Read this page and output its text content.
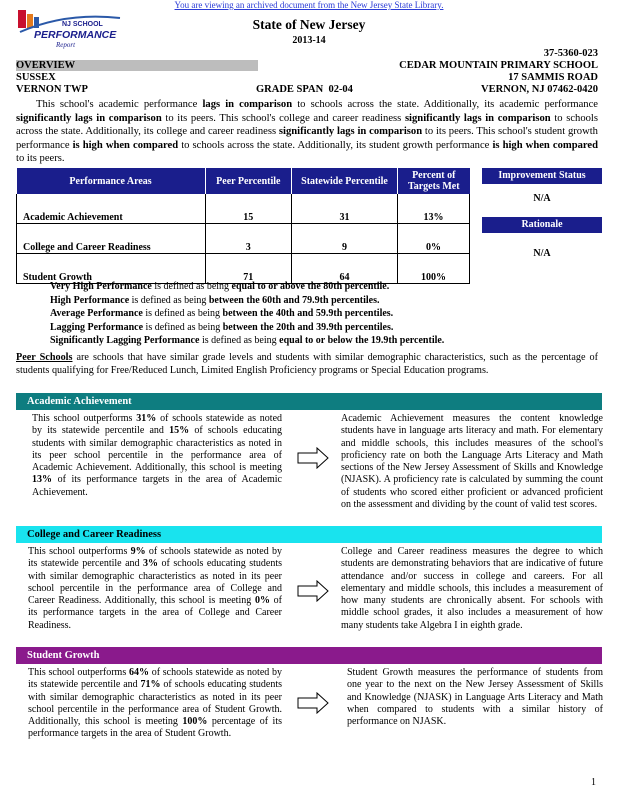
You are viewing an archived document from the New Jersey State Library.
NJ SCHOOL
PERFORMANCE
Report
State of New Jersey
2013-14
37-5360-023
OVERVIEW	CEDAR MOUNTAIN PRIMARY SCHOOL
SUSSEX	17 SAMMIS ROAD
VERNON TWP	GRADE SPAN 02-04	VERNON, NJ 07462-0420
This school's academic performance lags in comparison to schools across the state. Additionally, its academic performance significantly lags in comparison to its peers. This school's college and career readiness significantly lags in comparison to schools across the state. Additionally, its college and career readiness significantly lags in comparison to its peers. This school's student growth performance is high when compared to schools across the state. Additionally, its student growth performance is high when compared to its peers.
Performance Areas	Peer Percentile	Statewide Percentile	Percent of Targets Met
Academic Achievement	15	31	13%
College and Career Readiness	3	9	0%
Student Growth	71	64	100%
Improvement Status
N/A
Rationale
N/A
Very High Performance is defined as being equal to or above the 80th percentile.
High Performance is defined as being between the 60th and 79.9th percentiles.
Average Performance is defined as being between the 40th and 59.9th percentiles.
Lagging Performance is defined as being between the 20th and 39.9th percentiles.
Significantly Lagging Performance is defined as being equal to or below the 19.9th percentile.
Peer Schools are schools that have similar grade levels and students with similar demographic characteristics, such as the percentage of students qualifying for Free/Reduced Lunch, Limited English Proficiency programs or Special Education programs.
Academic Achievement
This school outperforms 31% of schools statewide as noted by its statewide percentile and 15% of schools educating students with similar demographic characteristics as noted in its peer school percentile in the performance area of Academic Achievement. Additionally, this school is meeting 13% of its performance targets in the area of Academic Achievement.
Academic Achievement measures the content knowledge students have in language arts literacy and math. For elementary and middle schools, this includes measures of the school's proficiency rate on both the Language Arts Literacy and Math sections of the New Jersey Assessment of Skills and Knowledge (NJASK). A proficiency rate is calculated by summing the count of students who scored either proficient or advanced proficient on the assessment and dividing by the count of valid test scores.
College and Career Readiness
This school outperforms 9% of schools statewide as noted by its statewide percentile and 3% of schools educating students with similar demographic characteristics as noted in its peer school percentile in the performance area of College and Career Readiness. Additionally, this school is meeting 0% of its performance targets in the area of College and Career Readiness.
College and Career readiness measures the degree to which students are demonstrating behaviors that are indicative of future attendance and/or success in college and careers. For all elementary and middle schools, this includes a measurement of how many students are chronically absent. For schools with middle school grades, it also includes a measurement of how many students take Algebra I in eighth grade.
Student Growth
This school outperforms 64% of schools statewide as noted by its statewide percentile and 71% of schools educating students with similar demographic characteristics as noted in its peer school percentile in the performance area of Student Growth. Additionally, this school is meeting 100% percentage of its performance targets in the area of Student Growth.
Student Growth measures the performance of students from one year to the next on the New Jersey Assessment of Skills and Knowledge (NJASK) in Language Arts Literacy and Math when compared to students with a similar history of performance on NJASK.
1
